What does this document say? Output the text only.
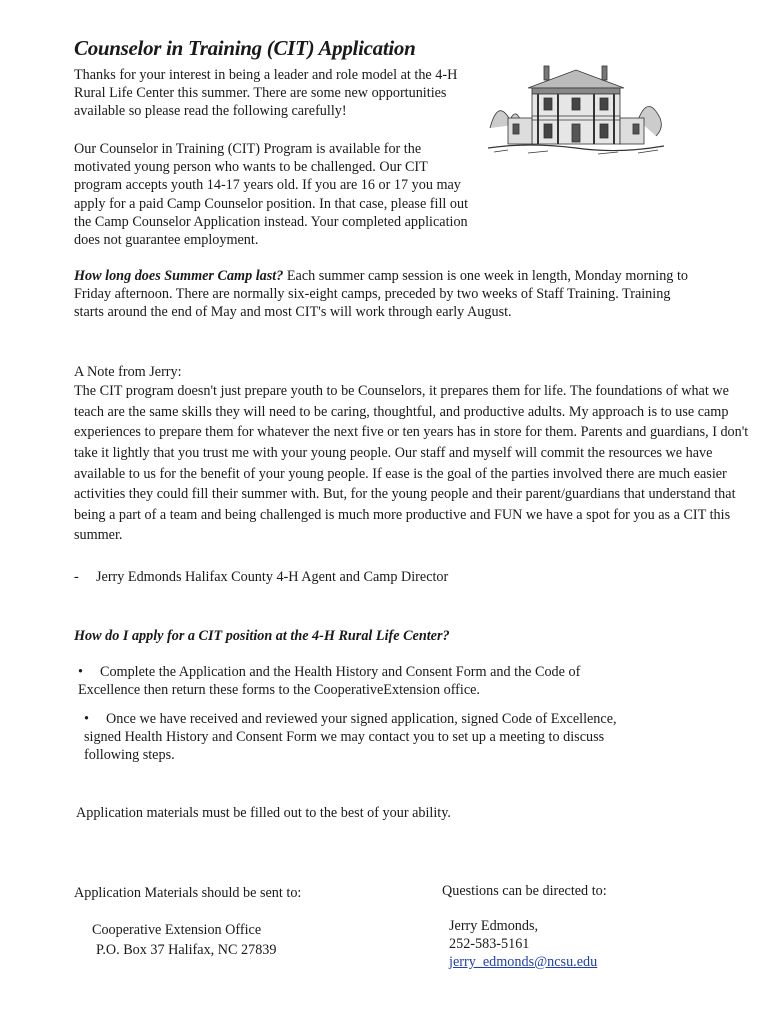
Counselor in Training (CIT) Application
Thanks for your interest in being a leader and role model at the 4-H Rural Life Center this summer. There are some new opportunities available so please read the following carefully!
Our Counselor in Training (CIT) Program is available for the motivated young person who wants to be challenged. Our CIT program accepts youth 14-17 years old. If you are 16 or 17 you may apply for a paid Camp Counselor position. In that case, please fill out the Camp Counselor Application instead. Your completed application does not guarantee employment.
How long does Summer Camp last? Each summer camp session is one week in length, Monday morning to Friday afternoon. There are normally six-eight camps, preceded by two weeks of Staff Training. Training starts around the end of May and most CIT's will work through early August.
A Note from Jerry:
The CIT program doesn't just prepare youth to be Counselors, it prepares them for life. The foundations of what we teach are the same skills they will need to be caring, thoughtful, and productive adults. My approach is to use camp experiences to prepare them for whatever the next five or ten years has in store for them. Parents and guardians, I don't take it lightly that you trust me with your young people. Our staff and myself will commit the resources we have available to us for the benefit of your young people. If ease is the goal of the parties involved there are much easier activities they could fill their summer with. But, for the young people and their parent/guardians that understand that being a part of a team and being challenged is much more productive and FUN we have a spot for you as a CIT this summer.
- Jerry Edmonds Halifax County 4-H Agent and Camp Director
How do I apply for a CIT position at the 4-H Rural Life Center?
• Complete the Application and the Health History and Consent Form and the Code of Excellence then return these forms to the CooperativeExtension office.
• Once we have received and reviewed your signed application, signed Code of Excellence, signed Health History and Consent Form we may contact you to set up a meeting to discuss following steps.
Application materials must be filled out to the best of your ability.
Application Materials should be sent to:
Cooperative Extension Office
P.O. Box 37 Halifax, NC 27839
Questions can be directed to:
Jerry Edmonds,
252-583-5161
jerry_edmonds@ncsu.edu
